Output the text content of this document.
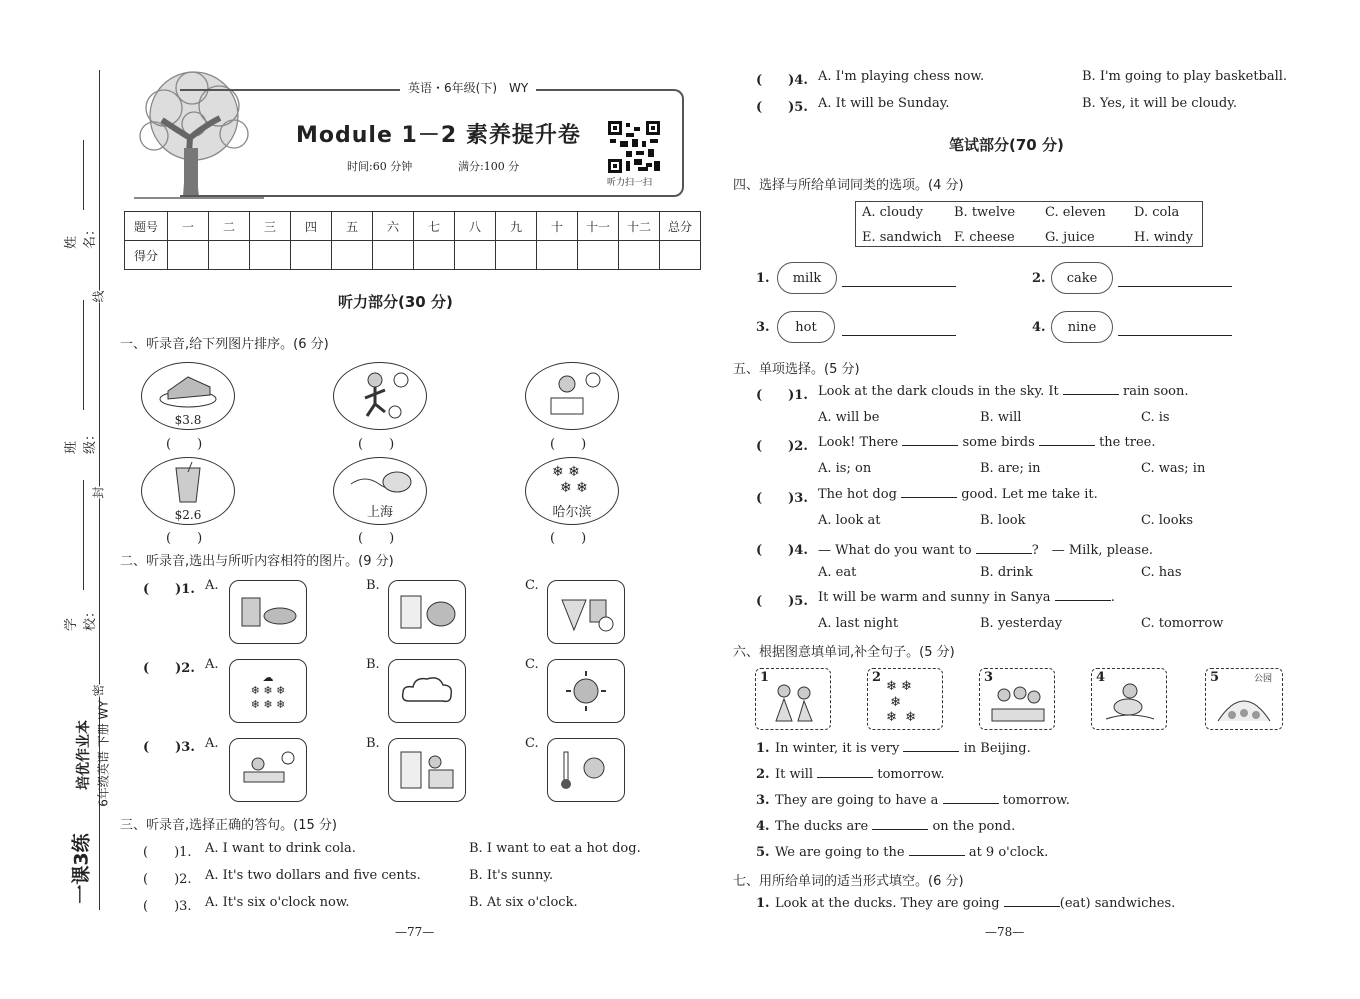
姓名：
线
班级：
封
学校：
密
一课3练
培优作业本 6年级英语 下册 WY
英语・6年级(下)　WY
Module 1－2 素养提升卷
时间:60 分钟	满分:100 分
听力扫一扫
题号	一	二	三	四	五	六	七	八	九	十	十一	十二	总分
得分													
听力部分(30 分)
一、听录音,给下列图片排序。(6 分)
$3.8
(　　)	(　　)	(　　)
$2.6	上海
❄ ❄
❄ ❄
哈尔滨
(　　)	(　　)	(　　)
二、听录音,选出与所听内容相符的图片。(9 分)
(　　)1. A.	B.	C.
(　　)2. A.
☁
❄ ❄ ❄
❄ ❄ ❄
B.	C.
(　　)3. A.	B.	C.
三、听录音,选择正确的答句。(15 分)
(　　)1. A. I want to drink cola.	B. I want to eat a hot dog.
(　　)2. A. It's two dollars and five cents.	B. It's sunny.
(　　)3. A. It's six o'clock now.	B. At six o'clock.
—77—
(　　)4. A. I'm playing chess now.	B. I'm going to play basketball.
(　　)5. A. It will be Sunday.	B. Yes, it will be cloudy.
笔试部分(70 分)
四、选择与所给单词同类的选项。(4 分)
A. cloudy B. twelve C. eleven D. cola
E. sandwich F. cheese G. juice	H. windy
1.	milk	2.	cake
3.	hot	4.	nine
五、单项选择。(5 分)
(　　)1. Look at the dark clouds in the sky. It	rain soon.
A. will be	B. will	C. is
(　　)2. Look! There	some birds	the tree.
A. is; on	B. are; in	C. was; in
(　　)3. The hot dog	good. Let me take it.
A. look at	B. look	C. looks
(　　)4. — What do you want to	?　— Milk, please.
A. eat	B. drink	C. has
(　　)5. It will be warm and sunny in Sanya	.
A. last night	B. yesterday	C. tomorrow
六、根据图意填单词,补全句子。(5 分)
1	2
❄ ❄
❄
❄  ❄
3	4	5	公园
1. In winter, it is very	in Beijing.
2. It will	tomorrow.
3. They are going to have a	tomorrow.
4. The ducks are	on the pond.
5. We are going to the	at 9 o'clock.
七、用所给单词的适当形式填空。(6 分)
1. Look at the ducks. They are going	(eat) sandwiches.
—78—
